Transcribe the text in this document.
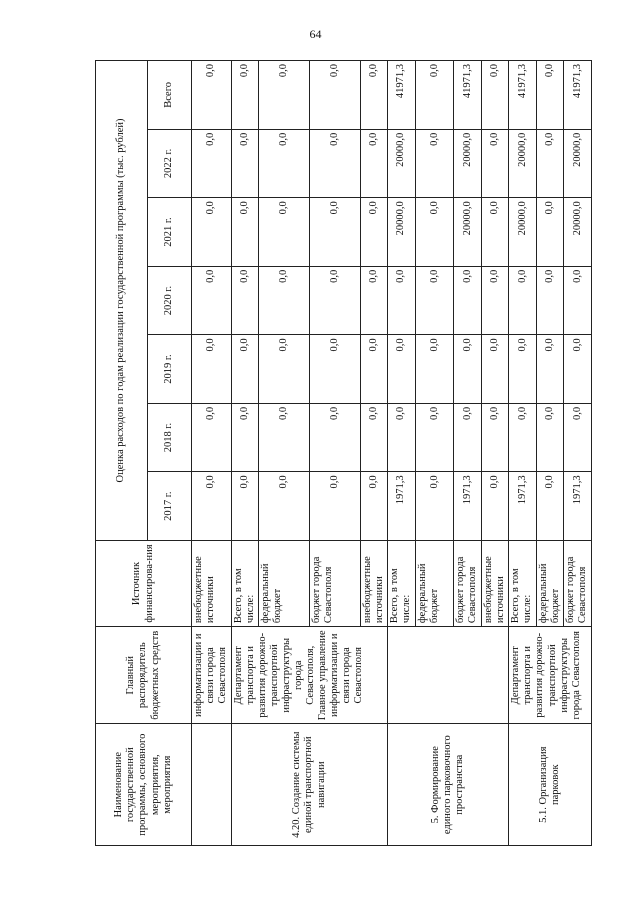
64
Наименование государственной программы, основного мероприятия, мероприятия	Главный распорядитель бюджетных средств	Источник финансирова-ния	Оценка расходов по годам реализации государственной программы (тыс. рублей)						
			2017 г.	2018 г.	2019 г.	2020 г.	2021 г.	2022 г.	Всего
	информатизации и связи города Севастополя	внебюджетные источники	0,0	0,0	0,0	0,0	0,0	0,0	0,0
4.20. Создание системы единой транспортной навигации	Департамент транспорта и развития дорожно-транспортной инфраструктуры города Севастополя, Главное управление информатизации и связи города Севастополя	Всего, в том числе:	0,0	0,0	0,0	0,0	0,0	0,0	0,0
		федеральный бюджет	0,0	0,0	0,0	0,0	0,0	0,0	0,0
		бюджет города Севастополя	0,0	0,0	0,0	0,0	0,0	0,0	0,0
		внебюджетные источники	0,0	0,0	0,0	0,0	0,0	0,0	0,0
5. Формирование единого парковочного пространства		Всего, в том числе:	1971,3	0,0	0,0	0,0	20000,0	20000,0	41971,3
		федеральный бюджет	0,0	0,0	0,0	0,0	0,0	0,0	0,0
		бюджет города Севастополя	1971,3	0,0	0,0	0,0	20000,0	20000,0	41971,3
		внебюджетные источники	0,0	0,0	0,0	0,0	0,0	0,0	0,0
5.1. Организация парковок	Департамент транспорта и развития дорожно-транспортной инфраструктуры города Севастополя	Всего, в том числе:	1971,3	0,0	0,0	0,0	20000,0	20000,0	41971,3
		федеральный бюджет	0,0	0,0	0,0	0,0	0,0	0,0	0,0
		бюджет города Севастополя	1971,3	0,0	0,0	0,0	20000,0	20000,0	41971,3
